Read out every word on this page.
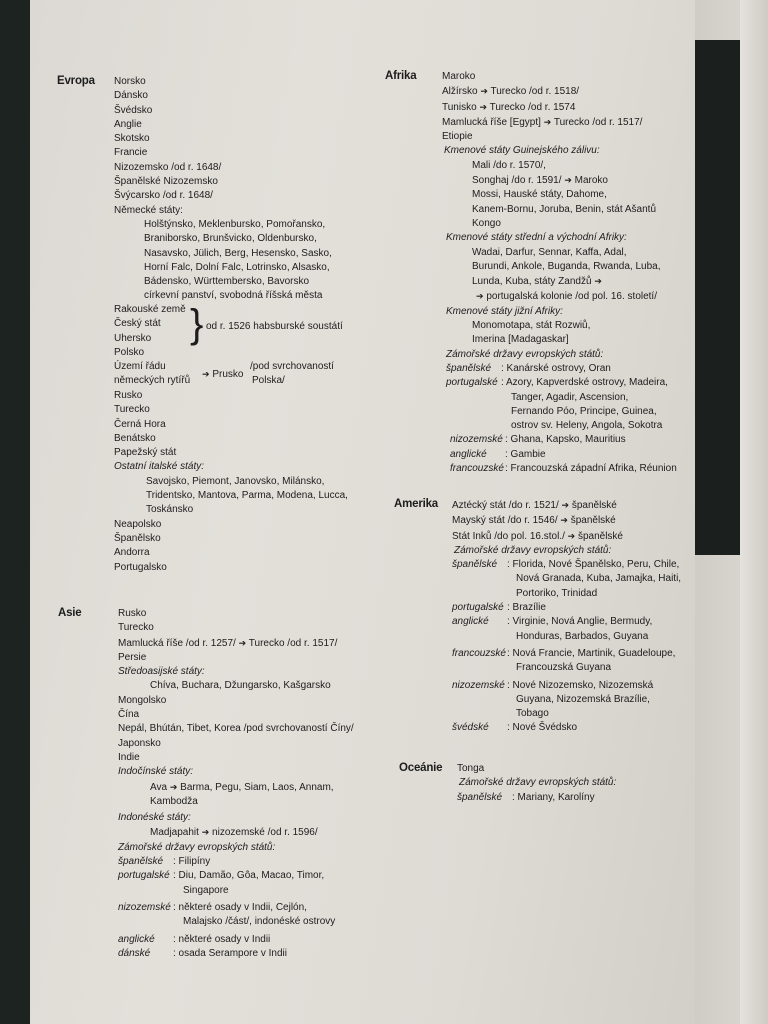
Evropa Norsko
Dánsko
Švédsko
Anglie
Skotsko
Francie
Nizozemsko /od r. 1648/
Španělské Nizozemsko
Švýcarsko /od r. 1648/
Německé státy:
Holštýnsko, Meklenbursko, Pomořansko,
Braniborsko, Brunšvicko, Oldenbursko,
Nasavsko, Jülich, Berg, Hesensko, Sasko,
Horní Falc, Dolní Falc, Lotrinsko, Alsasko,
Bádensko, Württembersko, Bavorsko
církevní panství, svobodná říšská města
Rakouské země
Český stát
Uhersko
Polsko
Území řádu
německých rytířů
} od r. 1526 habsburské soustátí
➔ Prusko
/pod svrchovaností
Polska/
Rusko
Turecko
Černá Hora
Benátsko
Papežský stát
Ostatní italské státy:
Savojsko, Piemont, Janovsko, Milánsko,
Tridentsko, Mantova, Parma, Modena, Lucca,
Toskánsko
Neapolsko
Španělsko
Andorra
Portugalsko
Asie	Rusko
Turecko
Mamlucká říše /od r. 1257/ ➔ Turecko /od r. 1517/
Persie
Středoasijské státy:
Chíva, Buchara, Džungarsko, Kašgarsko
Mongolsko
Čína
Nepál, Bhútán, Tibet, Korea /pod svrchovaností Číny/
Japonsko
Indie
Indočínské státy:
Ava ➔ Barma, Pegu, Siam, Laos, Annam,
Kambodža
Indonéské státy:
Madjapahit ➔ nizozemské /od r. 1596/
Zámořské državy evropských států:
španělské : Filipíny
portugalské : Diu, Damão, Gôa, Macao, Timor,
Singapore
nizozemské : některé osady v Indii, Cejlón,
Malajsko /část/, indonéské ostrovy
anglické : některé osady v Indii
dánské : osada Serampore v Indii
Afrika	Maroko
Alžírsko ➔ Turecko /od r. 1518/
Tunisko ➔ Turecko /od r. 1574
Mamlucká říše [Egypt] ➔ Turecko /od r. 1517/
Etiopie
Kmenové státy Guinejského zálivu:
Mali /do r. 1570/,
Songhaj /do r. 1591/ ➔ Maroko
Mossi, Hauské státy, Dahome,
Kanem-Bornu, Joruba, Benin, stát Ašantů
Kongo
Kmenové státy střední a východní Afriky:
Wadai, Darfur, Sennar, Kaffa, Adal,
Burundi, Ankole, Buganda, Rwanda, Luba,
Lunda, Kuba, státy Zandžů ➔
➔ portugalská kolonie /od pol. 16. století/
Kmenové státy jižní Afriky:
Monomotapa, stát Rozwiů,
Imerina [Madagaskar]
Zámořské državy evropských států:
španělské : Kanárské ostrovy, Oran
portugalské : Azory, Kapverdské ostrovy, Madeira,
Tanger, Agadir, Ascension,
Fernando Póo, Principe, Guinea,
ostrov sv. Heleny, Angola, Sokotra
nizozemské : Ghana, Kapsko, Mauritius
anglické : Gambie
francouzské: Francouzská západní Afrika, Réunion
Amerika Aztécký stát /do r. 1521/ ➔ španělské
Mayský stát /do r. 1546/ ➔ španělské
Stát Inků /do pol. 16.stol./ ➔ španělské
Zámořské državy evropských států:
španělské : Florida, Nové Španělsko, Peru, Chile,
Nová Granada, Kuba, Jamajka, Haiti,
Portoriko, Trinidad
portugalské : Brazílie
anglické : Virginie, Nová Anglie, Bermudy,
Honduras, Barbados, Guyana
francouzské: Nová Francie, Martinik, Guadeloupe,
Francouzská Guyana
nizozemské : Nové Nizozemsko, Nizozemská
Guyana, Nizozemská Brazílie,
Tobago
švédské : Nové Švédsko
Oceánie Tonga
Zámořské državy evropských států:
španělské : Mariany, Karolíny
